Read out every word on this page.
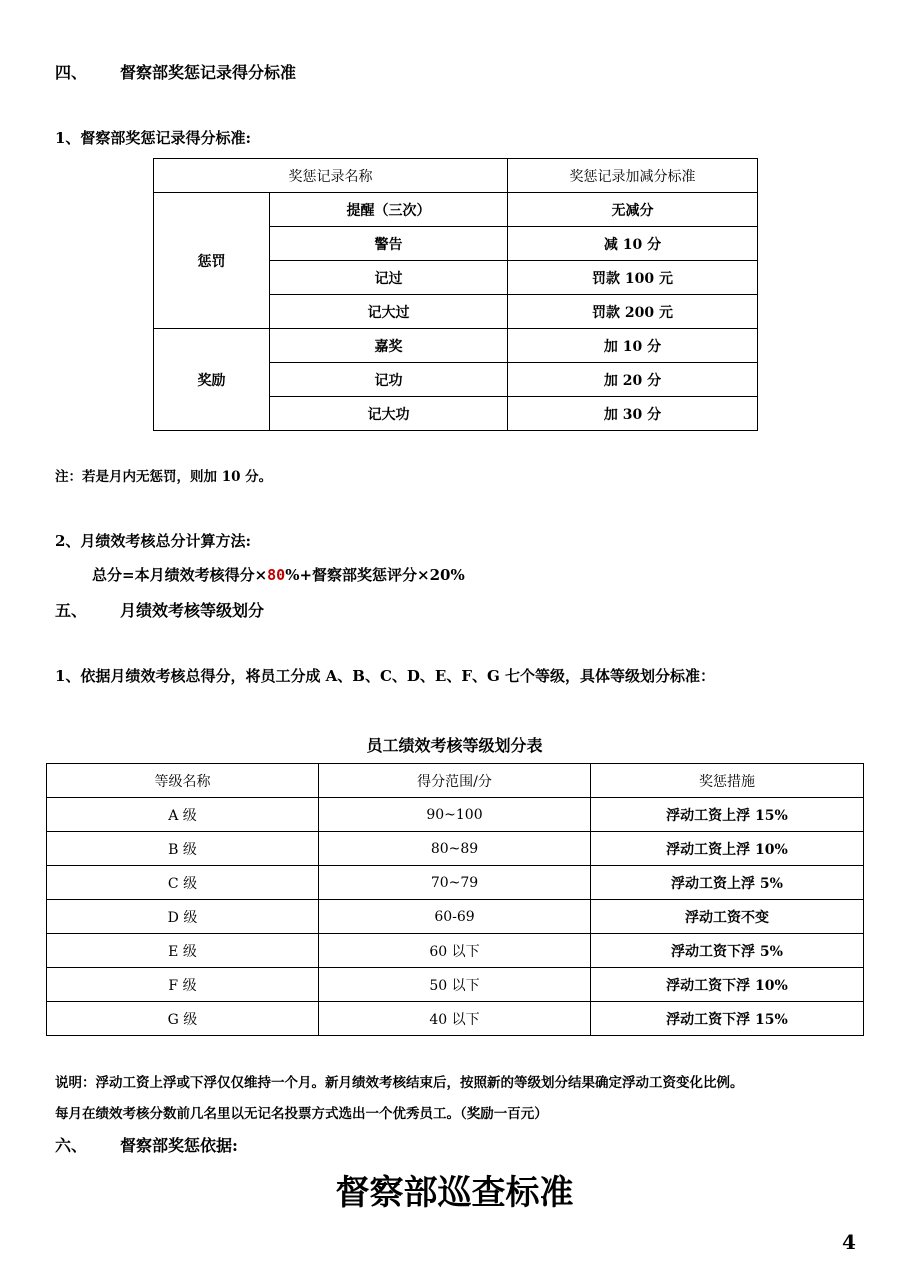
四、 督察部奖惩记录得分标准
1、督察部奖惩记录得分标准:
奖惩记录名称		奖惩记录加减分标准
惩罚	提醒（三次）	无减分
	警告	减 10 分
	记过	罚款 100 元
	记大过	罚款 200 元
奖励	嘉奖	加 10 分
	记功	加 20 分
	记大功	加 30 分
注：若是月内无惩罚，则加 10 分。
2、月绩效考核总分计算方法:
总分=本月绩效考核得分×80%+督察部奖惩评分×20%
五、 月绩效考核等级划分
1、依据月绩效考核总得分，将员工分成 A、B、C、D、E、F、G 七个等级，具体等级划分标准：
员工绩效考核等级划分表
等级名称	得分范围/分	奖惩措施
A 级	90~100	浮动工资上浮 15%
B 级	80~89	浮动工资上浮 10%
C 级	70~79	浮动工资上浮 5%
D 级	60-69	浮动工资不变
E 级	60 以下	浮动工资下浮 5%
F 级	50 以下	浮动工资下浮 10%
G 级	40 以下	浮动工资下浮 15%
说明：浮动工资上浮或下浮仅仅维持一个月。新月绩效考核结束后，按照新的等级划分结果确定浮动工资变化比例。
每月在绩效考核分数前几名里以无记名投票方式选出一个优秀员工。（奖励一百元）
六、 督察部奖惩依据:
督察部巡查标准
4
